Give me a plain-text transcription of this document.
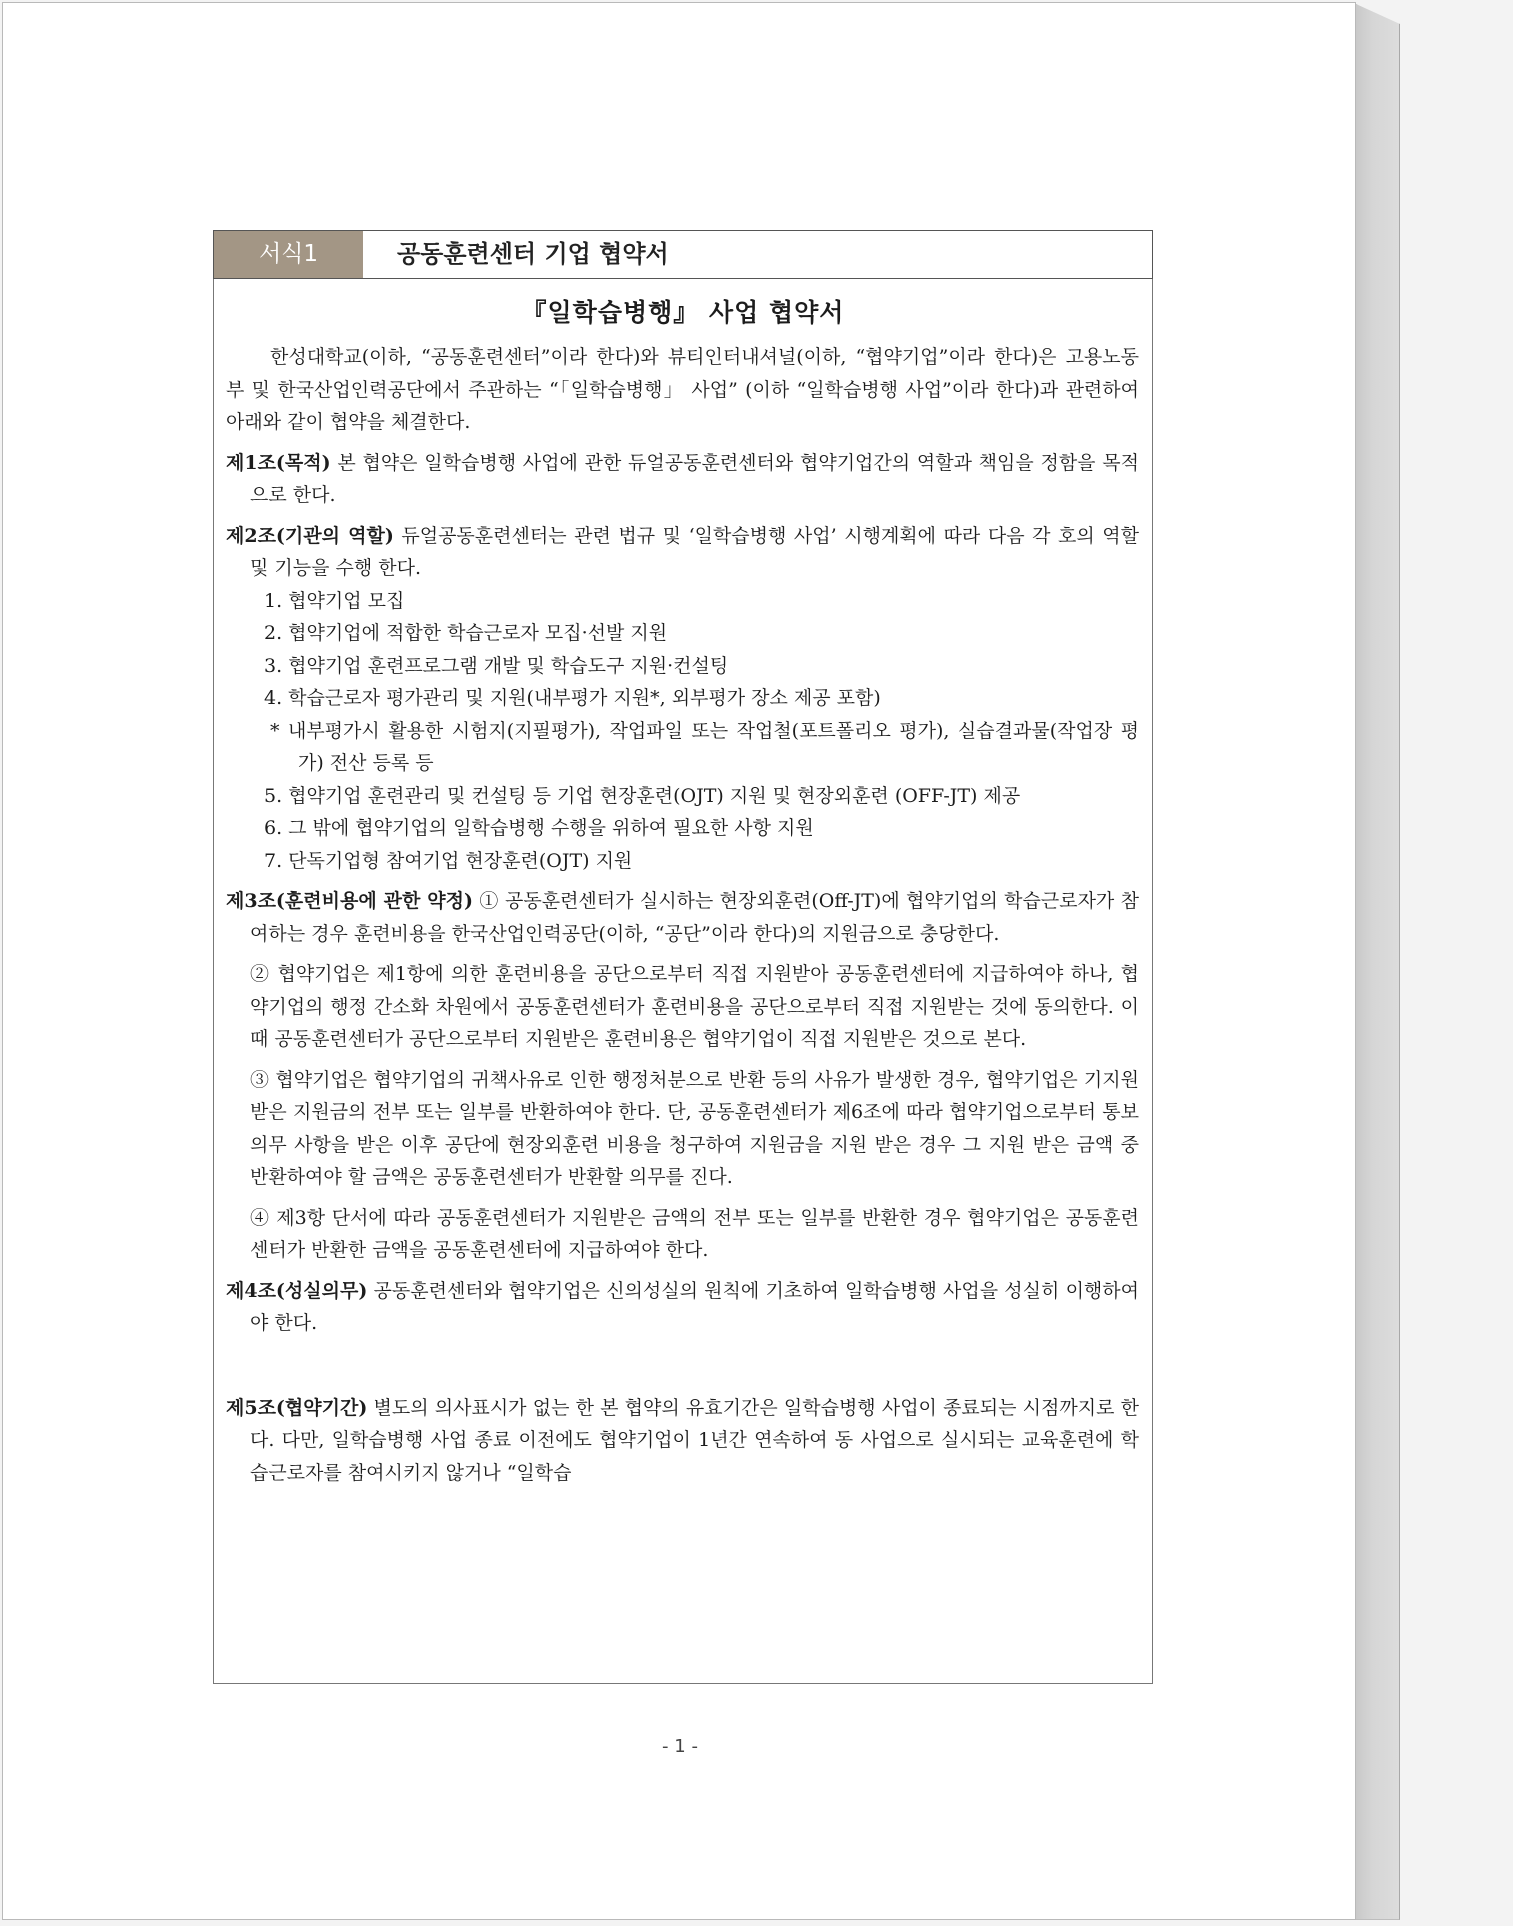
서식1	공동훈련센터 기업 협약서
『일학습병행』 사업 협약서

한성대학교(이하, “공동훈련센터”이라 한다)와 뷰티인터내셔널(이하, “협약기업”이라 한다)은 고용노동부 및 한국산업인력공단에서 주관하는 “「일학습병행」 사업” (이하 “일학습병행 사업”이라 한다)과 관련하여 아래와 같이 협약을 체결한다.

제1조(목적) 본 협약은 일학습병행 사업에 관한 듀얼공동훈련센터와 협약기업간의 역할과 책임을 정함을 목적으로 한다.

제2조(기관의 역할) 듀얼공동훈련센터는 관련 법규 및 ‘일학습병행 사업’ 시행계획에 따라 다음 각 호의 역할 및 기능을 수행 한다.

1. 협약기업 모집

2. 협약기업에 적합한 학습근로자 모집·선발 지원

3. 협약기업 훈련프로그램 개발 및 학습도구 지원·컨설팅

4. 학습근로자 평가관리 및 지원(내부평가 지원*, 외부평가 장소 제공 포함)

* 내부평가시 활용한 시험지(지필평가), 작업파일 또는 작업철(포트폴리오 평가), 실습결과물(작업장 평가) 전산 등록 등

5. 협약기업 훈련관리 및 컨설팅 등 기업 현장훈련(OJT) 지원 및 현장외훈련 (OFF-JT) 제공

6. 그 밖에 협약기업의 일학습병행 수행을 위하여 필요한 사항 지원

7. 단독기업형 참여기업 현장훈련(OJT) 지원

제3조(훈련비용에 관한 약정) ① 공동훈련센터가 실시하는 현장외훈련(Off-JT)에 협약기업의 학습근로자가 참여하는 경우 훈련비용을 한국산업인력공단(이하, “공단”이라 한다)의 지원금으로 충당한다.

② 협약기업은 제1항에 의한 훈련비용을 공단으로부터 직접 지원받아 공동훈련센터에 지급하여야 하나, 협약기업의 행정 간소화 차원에서 공동훈련센터가 훈련비용을 공단으로부터 직접 지원받는 것에 동의한다. 이 때 공동훈련센터가 공단으로부터 지원받은 훈련비용은 협약기업이 직접 지원받은 것으로 본다.

③ 협약기업은 협약기업의 귀책사유로 인한 행정처분으로 반환 등의 사유가 발생한 경우, 협약기업은 기지원 받은 지원금의 전부 또는 일부를 반환하여야 한다. 단, 공동훈련센터가 제6조에 따라 협약기업으로부터 통보의무 사항을 받은 이후 공단에 현장외훈련 비용을 청구하여 지원금을 지원 받은 경우 그 지원 받은 금액 중 반환하여야 할 금액은 공동훈련센터가 반환할 의무를 진다.

④ 제3항 단서에 따라 공동훈련센터가 지원받은 금액의 전부 또는 일부를 반환한 경우 협약기업은 공동훈련센터가 반환한 금액을 공동훈련센터에 지급하여야 한다.

제4조(성실의무) 공동훈련센터와 협약기업은 신의성실의 원칙에 기초하여 일학습병행 사업을 성실히 이행하여야 한다.

제5조(협약기간) 별도의 의사표시가 없는 한 본 협약의 유효기간은 일학습병행 사업이 종료되는 시점까지로 한다. 다만, 일학습병행 사업 종료 이전에도 협약기업이 1년간 연속하여 동 사업으로 실시되는 교육훈련에 학습근로자를 참여시키지 않거나 “일학습

- 1 -
